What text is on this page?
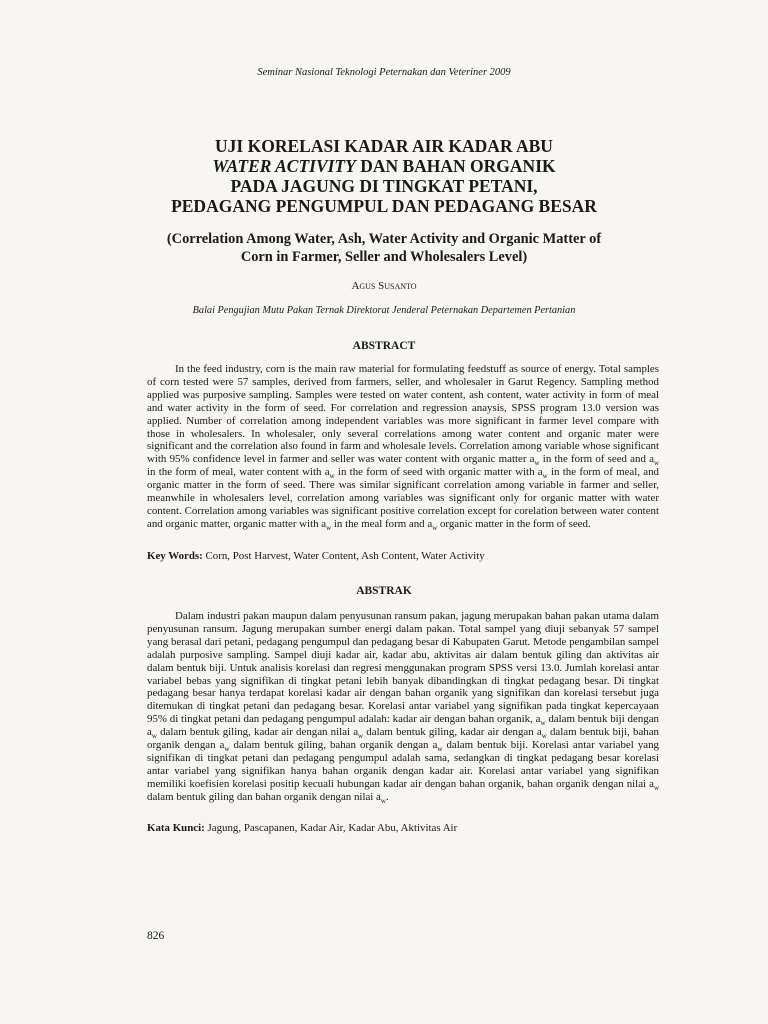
Seminar Nasional Teknologi Peternakan dan Veteriner 2009
UJI KORELASI KADAR AIR KADAR ABU
WATER ACTIVITY DAN BAHAN ORGANIK
PADA JAGUNG DI TINGKAT PETANI,
PEDAGANG PENGUMPUL DAN PEDAGANG BESAR
(Correlation Among Water, Ash, Water Activity and Organic Matter of
Corn in Farmer, Seller and Wholesalers Level)
Agus Susanto
Balai Pengujian Mutu Pakan Ternak Direktorat Jenderal Peternakan Departemen Pertanian
ABSTRACT

In the feed industry, corn is the main raw material for formulating feedstuff as source of energy. Total samples of corn tested were 57 samples, derived from farmers, seller, and wholesaler in Garut Regency. Sampling method applied was purposive sampling. Samples were tested on water content, ash content, water activity in form of meal and water activity in the form of seed. For correlation and regression anaysis, SPSS program 13.0 version was applied. Number of correlation among independent variables was more significant in farmer level compare with those in wholesalers. In wholesaler, only several correlations among water content and organic mater were significant and the correlation also found in farm and wholesale levels. Correlation among variable whose significant with 95% confidence level in farmer and seller was water content with organic matter $a_w$ in the form of seed and $a_w$ in the form of meal, water content with $a_w$ in the form of seed with organic matter with $a_w$ in the form of meal, and organic matter in the form of seed. There was similar significant correlation among variable in farmer and seller, meanwhile in wholesalers level, correlation among variables was significant only for organic matter with water content. Correlation among variables was significant positive correlation except for corelation between water content and organic matter, organic matter with $a_w$ in the meal form and $a_w$ organic matter in the form of seed.

Key Words: Corn, Post Harvest, Water Content, Ash Content, Water Activity
ABSTRAK

Dalam industri pakan maupun dalam penyusunan ransum pakan, jagung merupakan bahan pakan utama dalam penyusunan ransum. Jagung merupakan sumber energi dalam pakan. Total sampel yang diuji sebanyak 57 sampel yang berasal dari petani, pedagang pengumpul dan pedagang besar di Kabupaten Garut. Metode pengambilan sampel adalah purposive sampling. Sampel diuji kadar air, kadar abu, aktivitas air dalam bentuk giling dan aktivitas air dalam bentuk biji. Untuk analisis korelasi dan regresi menggunakan program SPSS versi 13.0. Jumlah korelasi antar variabel bebas yang signifikan di tingkat petani lebih banyak dibandingkan di tingkat pedagang besar. Di tingkat pedagang besar hanya terdapat korelasi kadar air dengan bahan organik yang signifikan dan korelasi tersebut juga ditemukan di tingkat petani dan pedagang besar. Korelasi antar variabel yang signifikan pada tingkat kepercayaan 95% di tingkat petani dan pedagang pengumpul adalah: kadar air dengan bahan organik, $a_w$ dalam bentuk biji dengan $a_w$ dalam bentuk giling, kadar air dengan nilai $a_w$ dalam bentuk giling, kadar air dengan $a_w$ dalam bentuk biji, bahan organik dengan $a_w$ dalam bentuk giling, bahan organik dengan $a_w$ dalam bentuk biji. Korelasi antar variabel yang signifikan di tingkat petani dan pedagang pengumpul adalah sama, sedangkan di tingkat pedagang besar korelasi antar variabel yang signifikan hanya bahan organik dengan kadar air. Korelasi antar variabel yang signifikan memiliki koefisien korelasi positip kecuali hubungan kadar air dengan bahan organik, bahan organik dengan nilai $a_w$ dalam bentuk giling dan bahan organik dengan nilai $a_w$.

Kata Kunci: Jagung, Pascapanen, Kadar Air, Kadar Abu, Aktivitas Air
826
